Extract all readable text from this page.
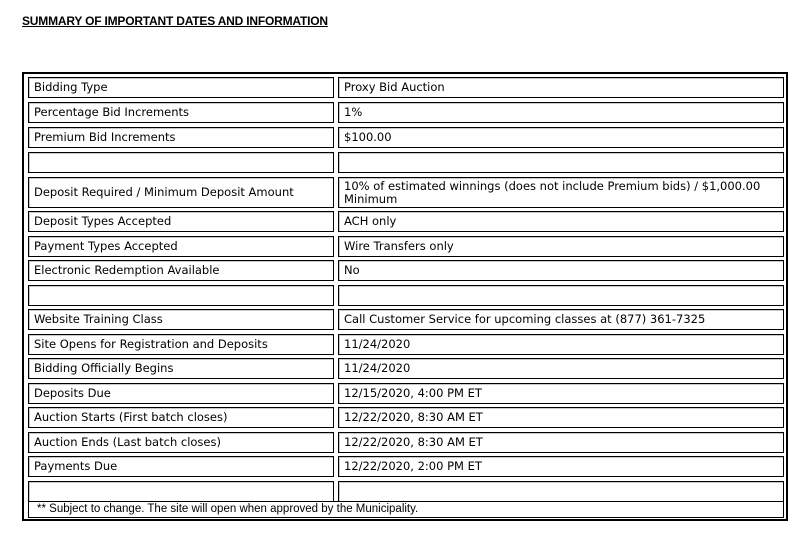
SUMMARY OF IMPORTANT DATES AND INFORMATION
Bidding Type	Proxy Bid Auction
Percentage Bid Increments	1%
Premium Bid Increments	$100.00
Deposit Required / Minimum Deposit Amount	10% of estimated winnings (does not include Premium bids) / $1,000.00 Minimum
Deposit Types Accepted	ACH only
Payment Types Accepted	Wire Transfers only
Electronic Redemption Available	No
Website Training Class	Call Customer Service for upcoming classes at (877) 361-7325
Site Opens for Registration and Deposits	11/24/2020
Bidding Officially Begins	11/24/2020
Deposits Due	12/15/2020, 4:00 PM ET
Auction Starts (First batch closes)	12/22/2020, 8:30 AM ET
Auction Ends (Last batch closes)	12/22/2020, 8:30 AM ET
Payments Due	12/22/2020, 2:00 PM ET
** Subject to change. The site will open when approved by the Municipality.
